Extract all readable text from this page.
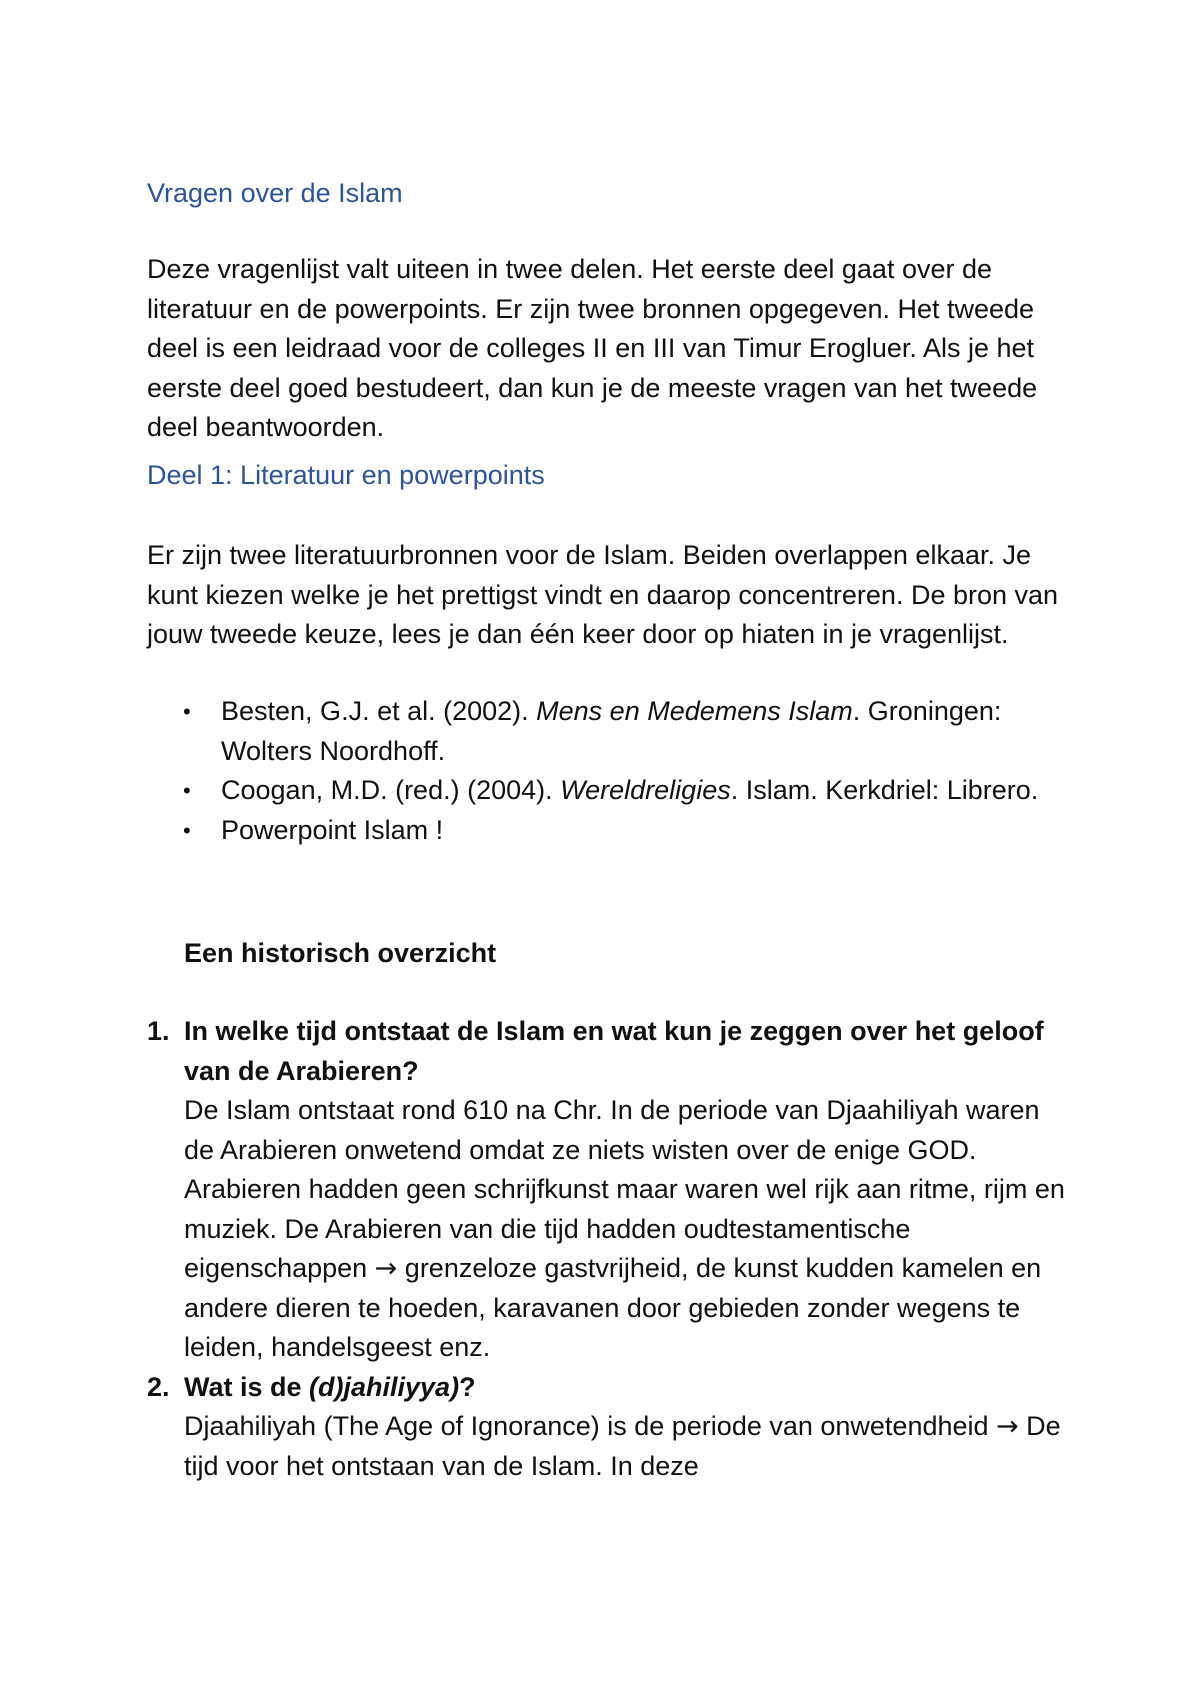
Vragen over de Islam

Deze vragenlijst valt uiteen in twee delen. Het eerste deel gaat over de literatuur en de powerpoints. Er zijn twee bronnen opgegeven. Het tweede deel is een leidraad voor de colleges II en III van Timur Erogluer. Als je het eerste deel goed bestudeert, dan kun je de meeste vragen van het tweede deel beantwoorden.

Deel 1: Literatuur en powerpoints

Er zijn twee literatuurbronnen voor de Islam. Beiden overlappen elkaar. Je kunt kiezen welke je het prettigst vindt en daarop concentreren. De bron van jouw tweede keuze, lees je dan één keer door op hiaten in je vragenlijst.

• Besten, G.J. et al. (2002). Mens en Medemens Islam. Groningen: Wolters Noordhoff.
• Coogan, M.D. (red.) (2004). Wereldreligies. Islam. Kerkdriel: Librero.
• Powerpoint Islam !
Een historisch overzicht
1. In welke tijd ontstaat de Islam en wat kun je zeggen over het geloof van de Arabieren?

De Islam ontstaat rond 610 na Chr. In de periode van Djaahiliyah waren de Arabieren onwetend omdat ze niets wisten over de enige GOD. Arabieren hadden geen schrijfkunst maar waren wel rijk aan ritme, rijm en muziek. De Arabieren van die tijd hadden oudtestamentische eigenschappen → grenzeloze gastvrijheid, de kunst kudden kamelen en andere dieren te hoeden, karavanen door gebieden zonder wegens te leiden, handelsgeest enz.

2. Wat is de (d)jahiliyya)?

Djaahiliyah (The Age of Ignorance) is de periode van onwetendheid → De tijd voor het ontstaan van de Islam. In deze
